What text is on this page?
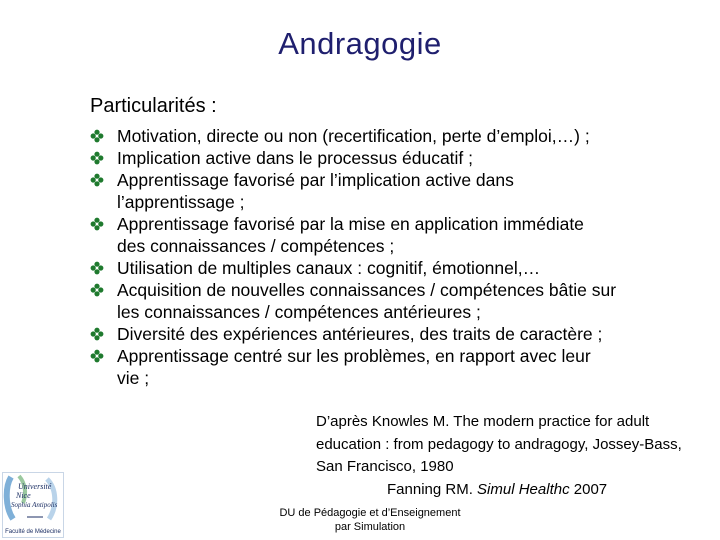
Andragogie
Particularités :
Motivation, directe ou non (recertification, perte d’emploi,…) ;
Implication active dans le processus éducatif ;
Apprentissage favorisé par l’implication active dans
l’apprentissage ;
Apprentissage favorisé par la mise en application immédiate
des connaissances / compétences ;
Utilisation de multiples canaux : cognitif, émotionnel,…
Acquisition de nouvelles connaissances / compétences bâtie sur
les connaissances / compétences antérieures ;
Diversité des expériences antérieures, des traits de caractère ;
Apprentissage centré sur les problèmes, en rapport avec leur
vie ;
D’après Knowles M. The modern practice for adult
education : from pedagogy to andragogy, Jossey-Bass,
San Francisco, 1980
Fanning RM. Simul Healthc 2007
DU de Pédagogie et d’Enseignement
par Simulation
Université
Nice
Sophia Antipolis
Faculté de Médecine
